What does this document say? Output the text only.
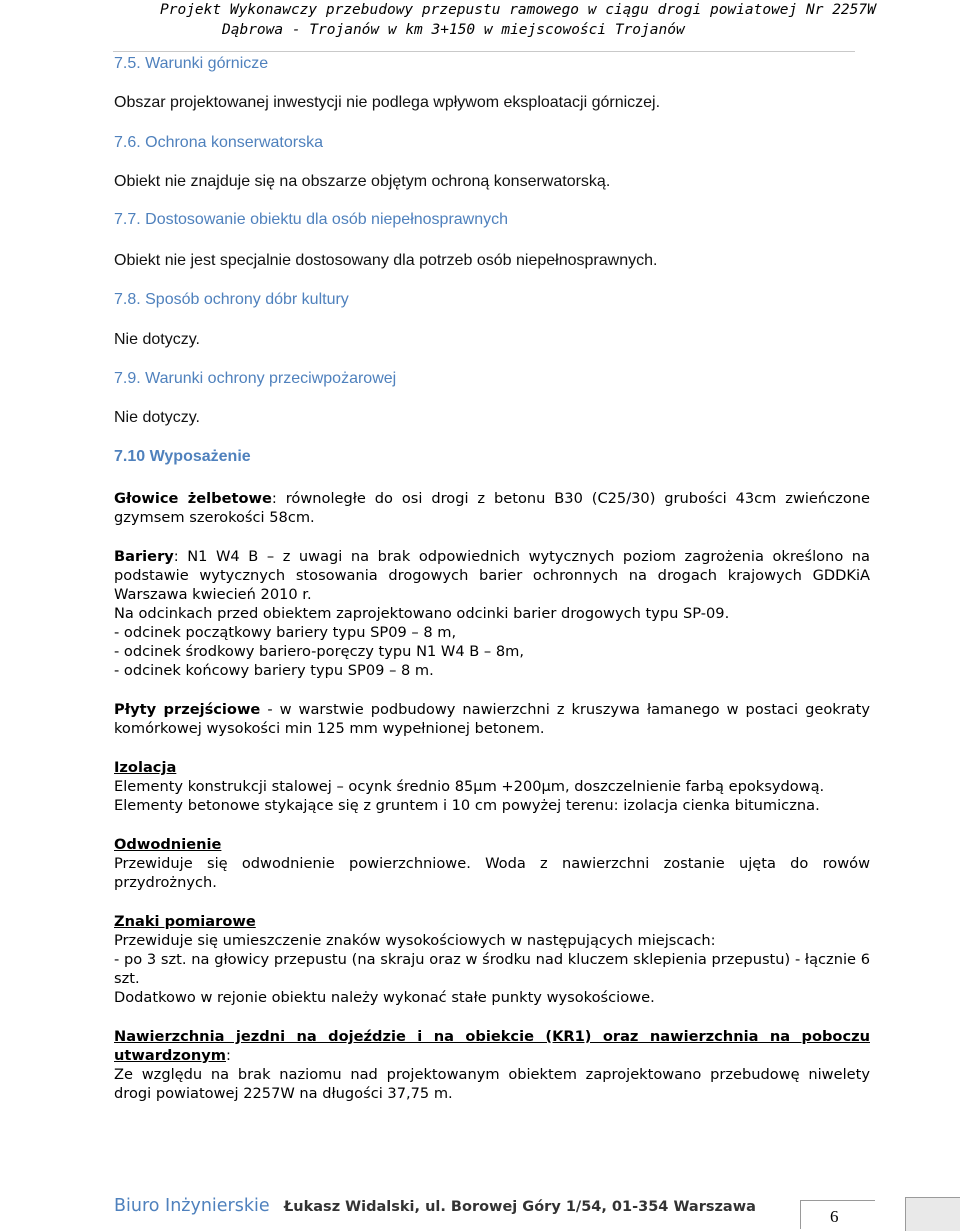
Projekt Wykonawczy przebudowy przepustu ramowego w ciągu drogi powiatowej Nr 2257W
Dąbrowa - Trojanów w km 3+150 w miejscowości Trojanów

7.5. Warunki górnicze

Obszar projektowanej inwestycji nie podlega wpływom eksploatacji górniczej.

7.6. Ochrona konserwatorska

Obiekt nie znajduje się na obszarze objętym ochroną konserwatorską.

7.7. Dostosowanie obiektu dla osób niepełnosprawnych

Obiekt nie jest specjalnie dostosowany dla potrzeb osób niepełnosprawnych.

7.8. Sposób ochrony dóbr kultury

Nie dotyczy.

7.9. Warunki ochrony przeciwpożarowej

Nie dotyczy.

7.10 Wyposażenie

Głowice żelbetowe: równoległe do osi drogi z betonu B30 (C25/30) grubości 43cm zwieńczone gzymsem szerokości 58cm.

Bariery: N1 W4 B – z uwagi na brak odpowiednich wytycznych poziom zagrożenia określono na podstawie wytycznych stosowania drogowych barier ochronnych na drogach krajowych GDDKiA Warszawa kwiecień 2010 r.

Na odcinkach przed obiektem zaprojektowano odcinki barier drogowych typu SP-09.

- odcinek początkowy bariery typu SP09 – 8 m,

- odcinek środkowy bariero-poręczy typu N1 W4 B – 8m,

- odcinek końcowy bariery typu SP09 – 8 m.

Płyty przejściowe - w warstwie podbudowy nawierzchni z kruszywa łamanego w postaci geokraty komórkowej wysokości min 125 mm wypełnionej betonem.

Izolacja

Elementy konstrukcji stalowej – ocynk średnio 85µm +200µm, doszczelnienie farbą epoksydową.

Elementy betonowe stykające się z gruntem i 10 cm powyżej terenu: izolacja cienka bitumiczna.

Odwodnienie

Przewiduje się odwodnienie powierzchniowe. Woda z nawierzchni zostanie ujęta do rowów przydrożnych.

Znaki pomiarowe

Przewiduje się umieszczenie znaków wysokościowych w następujących miejscach:

- po 3 szt. na głowicy przepustu (na skraju oraz w środku nad kluczem sklepienia przepustu) - łącznie 6 szt.

Dodatkowo w rejonie obiektu należy wykonać stałe punkty wysokościowe.

Nawierzchnia jezdni na dojeździe i na obiekcie (KR1) oraz nawierzchnia na poboczu utwardzonym:

Ze względu na brak naziomu nad projektowanym obiektem zaprojektowano przebudowę niwelety drogi powiatowej 2257W na długości 37,75 m.

Biuro Inżynierskie Łukasz Widalski, ul. Borowej Góry 1/54, 01-354 Warszawa	6
